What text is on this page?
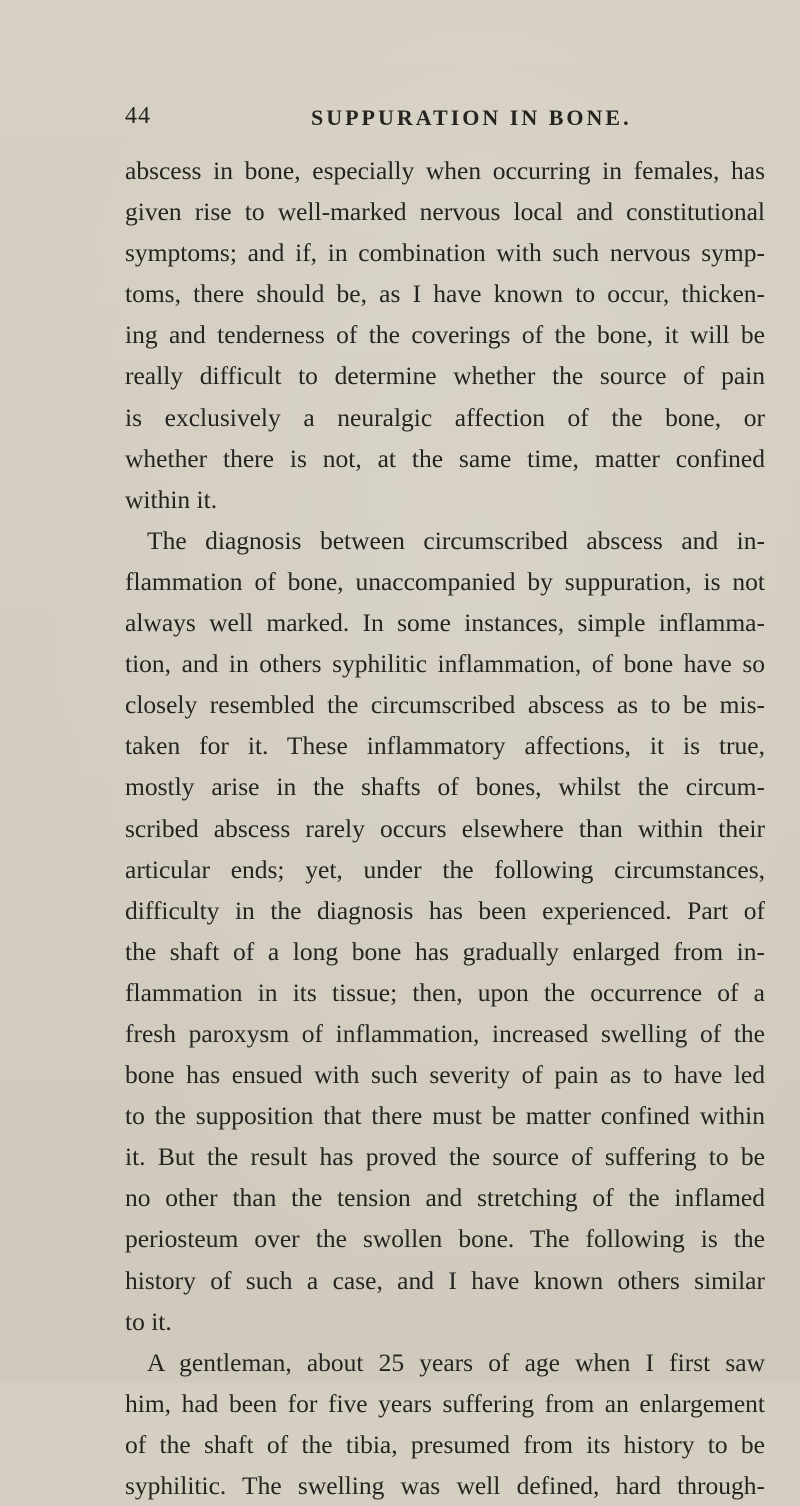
44	SUPPURATION IN BONE.
abscess in bone, especially when occurring in females, has
given rise to well-marked nervous local and constitutional
symptoms; and if, in combination with such nervous symp-
toms, there should be, as I have known to occur, thicken-
ing and tenderness of the coverings of the bone, it will be
really difficult to determine whether the source of pain
is exclusively a neuralgic affection of the bone, or
whether there is not, at the same time, matter confined
within it.
The diagnosis between circumscribed abscess and in-
flammation of bone, unaccompanied by suppuration, is not
always well marked. In some instances, simple inflamma-
tion, and in others syphilitic inflammation, of bone have so
closely resembled the circumscribed abscess as to be mis-
taken for it. These inflammatory affections, it is true,
mostly arise in the shafts of bones, whilst the circum-
scribed abscess rarely occurs elsewhere than within their
articular ends; yet, under the following circumstances,
difficulty in the diagnosis has been experienced. Part of
the shaft of a long bone has gradually enlarged from in-
flammation in its tissue; then, upon the occurrence of a
fresh paroxysm of inflammation, increased swelling of the
bone has ensued with such severity of pain as to have led
to the supposition that there must be matter confined within
it. But the result has proved the source of suffering to be
no other than the tension and stretching of the inflamed
periosteum over the swollen bone. The following is the
history of such a case, and I have known others similar
to it.
A gentleman, about 25 years of age when I first saw
him, had been for five years suffering from an enlargement
of the shaft of the tibia, presumed from its history to be
syphilitic. The swelling was well defined, hard through-
